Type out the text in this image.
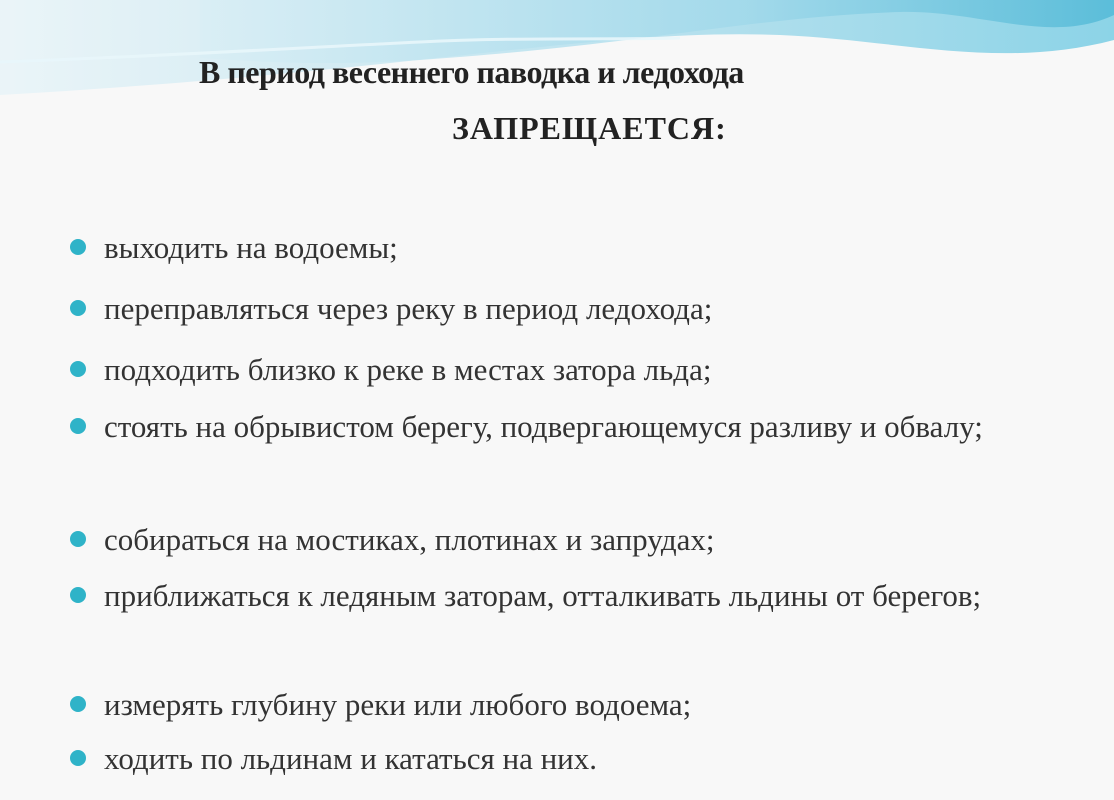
В период весеннего паводка и ледохода
ЗАПРЕЩАЕТСЯ:
выходить на водоемы;
переправляться через реку в период ледохода;
подходить близко к реке в местах затора льда;
стоять на обрывистом берегу, подвергающемуся разливу и обвалу;
собираться на мостиках, плотинах и запрудах;
приближаться к ледяным заторам, отталкивать льдины от берегов;
измерять глубину реки или любого водоема;
ходить по льдинам и кататься на них.
